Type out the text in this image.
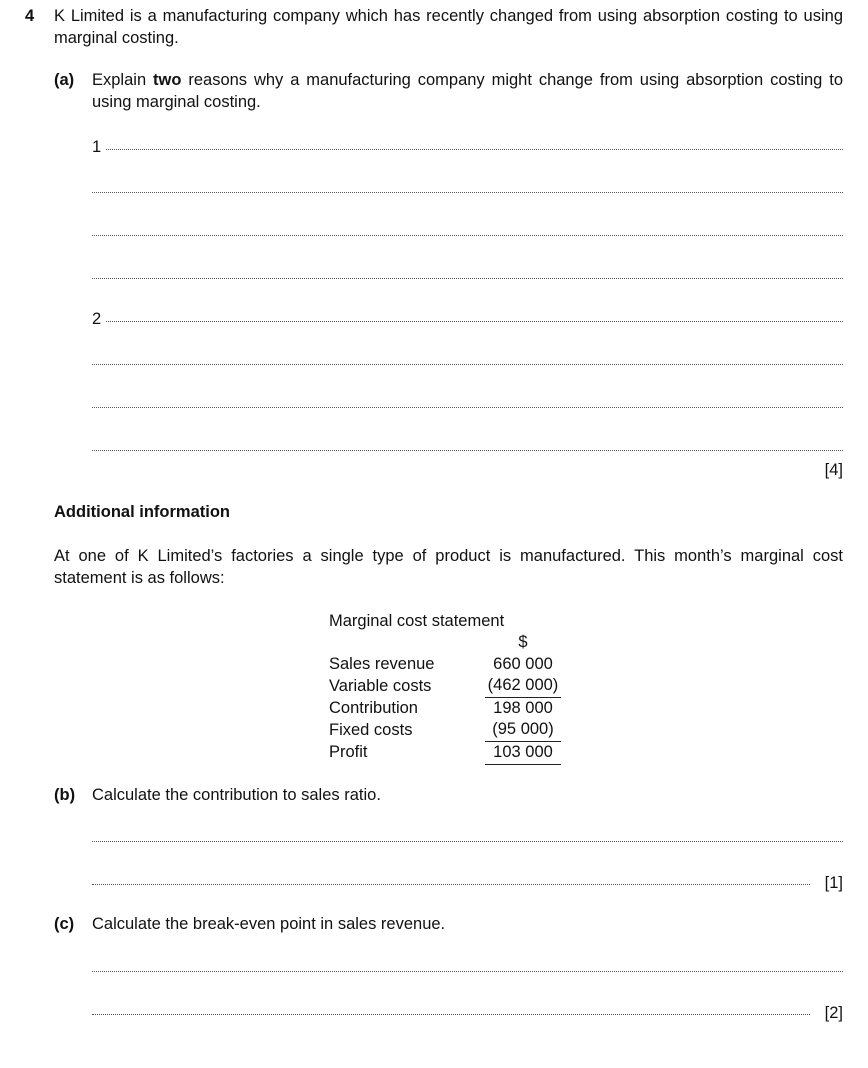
4 K Limited is a manufacturing company which has recently changed from using absorption costing to using marginal costing.
(a) Explain two reasons why a manufacturing company might change from using absorption costing to using marginal costing.
1
2
[4]
Additional information
At one of K Limited’s factories a single type of product is manufactured. This month’s marginal cost statement is as follows:
Marginal cost statement
	$
Sales revenue	660 000
Variable costs	(462 000)
Contribution	198 000
Fixed costs	(95 000)
Profit	103 000
(b) Calculate the contribution to sales ratio.
[1]
(c) Calculate the break-even point in sales revenue.
[2]
